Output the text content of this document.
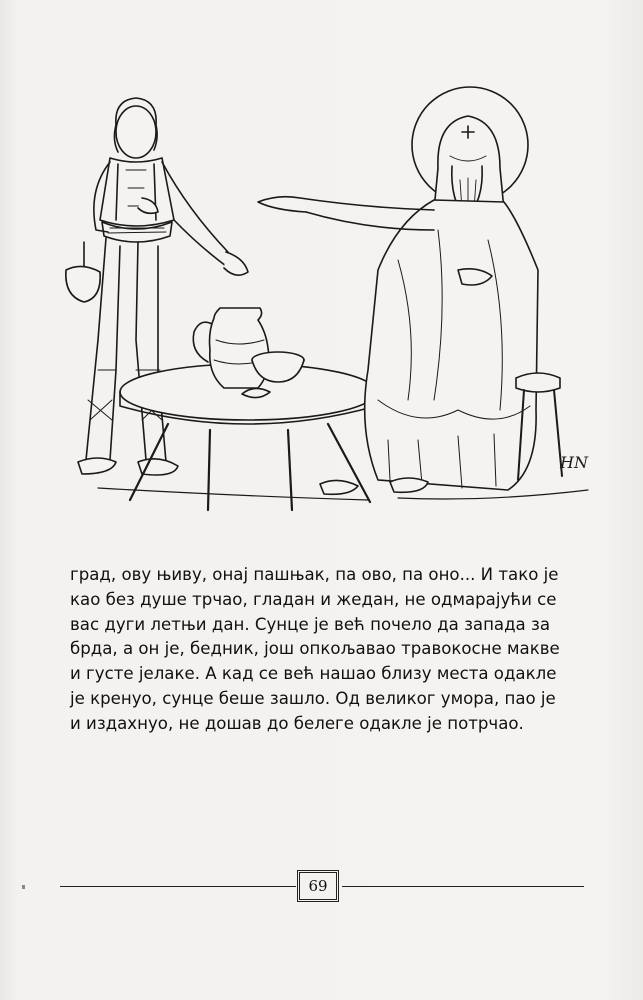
HN

град, ову њиву, онај пашњак, па ово, па оно... И тако је
као без душе трчао, гладан и жедан, не одмарајући се
вас дуги летњи дан. Сунце је већ почело да запада за
брда, а он је, бедник, још опкољавао травокосне макве
и густе јелаке. А кад се већ нашао близу места одакле
је кренуо, сунце беше зашло. Од великог умора, пао је
и издахнуо, не дошав до белеге одакле је потрчао.

69
